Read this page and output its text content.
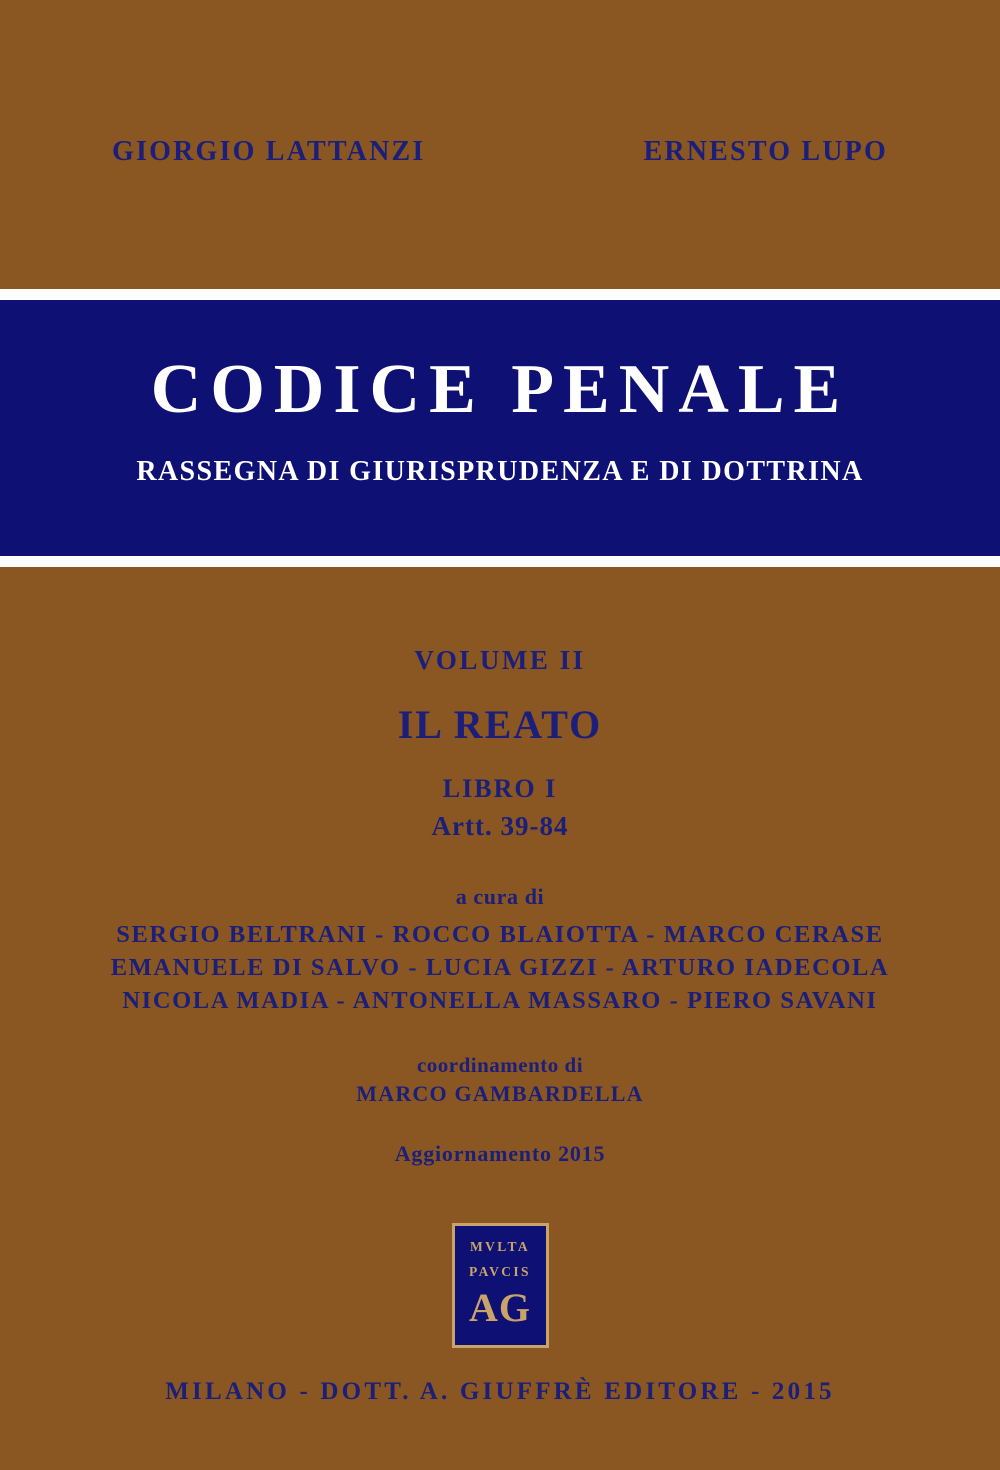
GIORGIO LATTANZI	ERNESTO LUPO
CODICE PENALE
RASSEGNA DI GIURISPRUDENZA E DI DOTTRINA
VOLUME II
IL REATO
LIBRO I
Artt. 39-84
a cura di
SERGIO BELTRANI - ROCCO BLAIOTTA - MARCO CERASE
EMANUELE DI SALVO - LUCIA GIZZI - ARTURO IADECOLA
NICOLA MADIA - ANTONELLA MASSARO - PIERO SAVANI
coordinamento di
MARCO GAMBARDELLA
Aggiornamento 2015
MVLTA
PAVCIS
AG
MILANO - DOTT. A. GIUFFRÈ EDITORE - 2015
